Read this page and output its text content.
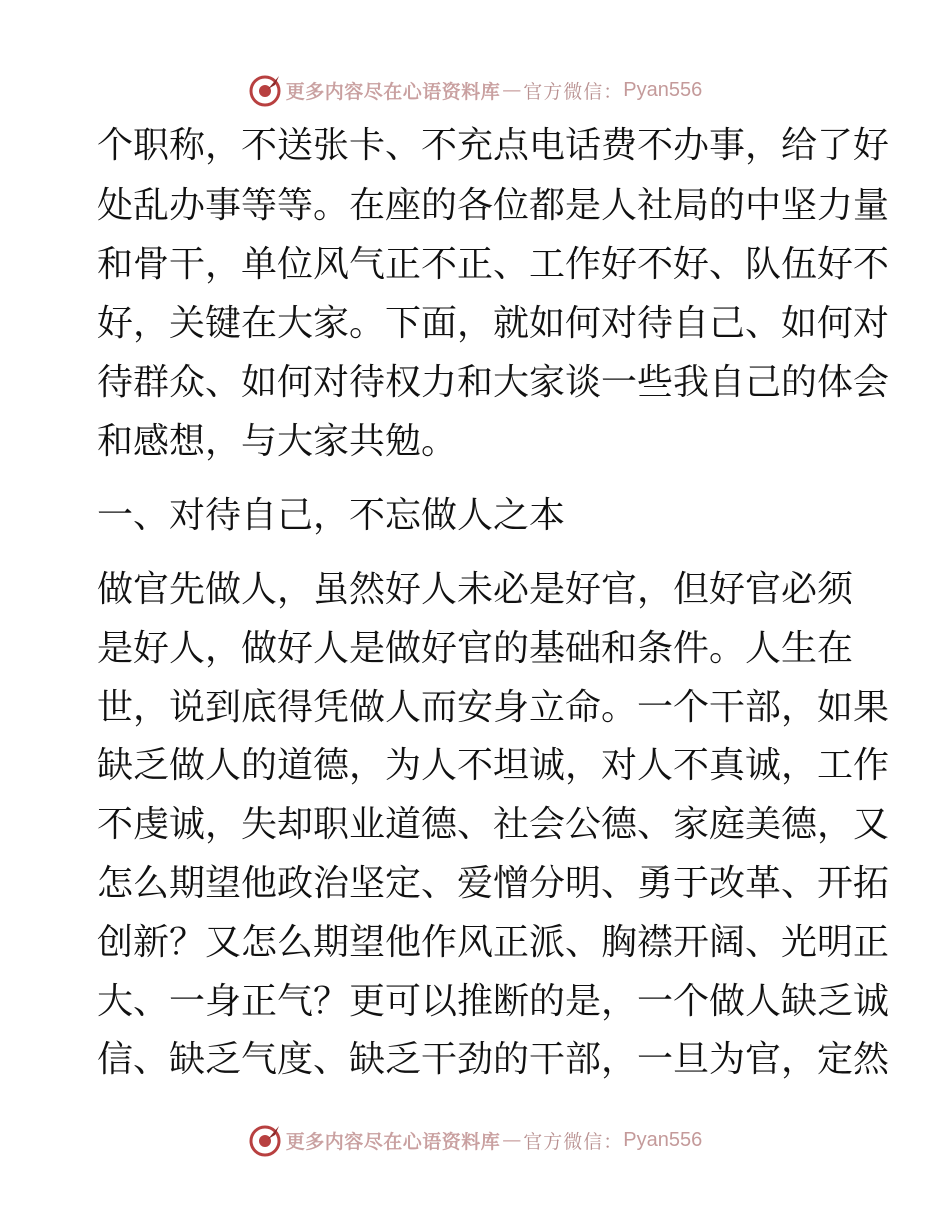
更多内容尽在心语资料库 — 官方微信： Pyan556
个职称，不送张卡、不充点电话费不办事，给了好
处乱办事等等。在座的各位都是人社局的中坚力量
和骨干，单位风气正不正、工作好不好、队伍好不
好，关键在大家。下面，就如何对待自己、如何对
待群众、如何对待权力和大家谈一些我自己的体会
和感想，与大家共勉。
一、对待自己，不忘做人之本
做官先做人，虽然好人未必是好官，但好官必须
是好人，做好人是做好官的基础和条件。人生在
世，说到底得凭做人而安身立命。一个干部，如果
缺乏做人的道德，为人不坦诚，对人不真诚，工作
不虔诚，失却职业道德、社会公德、家庭美德，又
怎么期望他政治坚定、爱憎分明、勇于改革、开拓
创新？又怎么期望他作风正派、胸襟开阔、光明正
大、一身正气？更可以推断的是，一个做人缺乏诚
信、缺乏气度、缺乏干劲的干部，一旦为官，定然
更多内容尽在心语资料库 — 官方微信： Pyan556
